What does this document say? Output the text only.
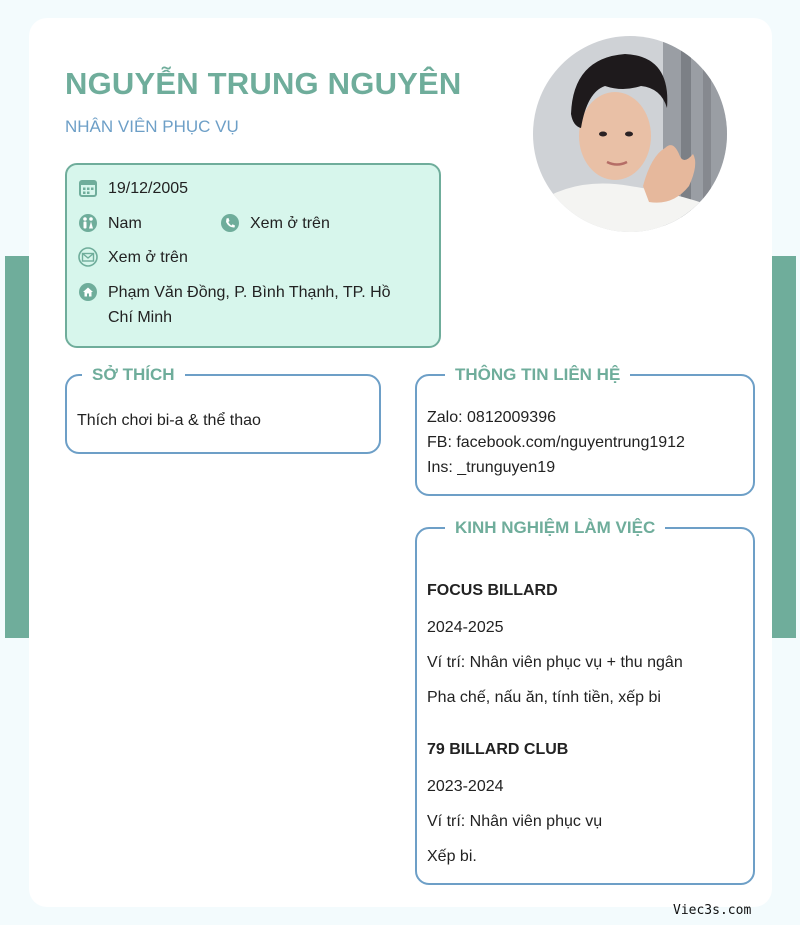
NGUYỄN TRUNG NGUYÊN
NHÂN VIÊN PHỤC VỤ
19/12/2005
Nam	Xem ở trên
Xem ở trên
Phạm Văn Đồng, P. Bình Thạnh, TP. Hồ Chí Minh
SỞ THÍCH
Thích chơi bi-a & thể thao
THÔNG TIN LIÊN HỆ
Zalo: 0812009396
FB: facebook.com/nguyentrung1912
Ins: _trunguyen19
KINH NGHIỆM LÀM VIỆC
FOCUS BILLARD
2024-2025
Ví trí: Nhân viên phục vụ + thu ngân
Pha chế, nấu ăn, tính tiền, xếp bi
79 BILLARD CLUB
2023-2024
Ví trí: Nhân viên phục vụ
Xếp bi.
Viec3s.com
